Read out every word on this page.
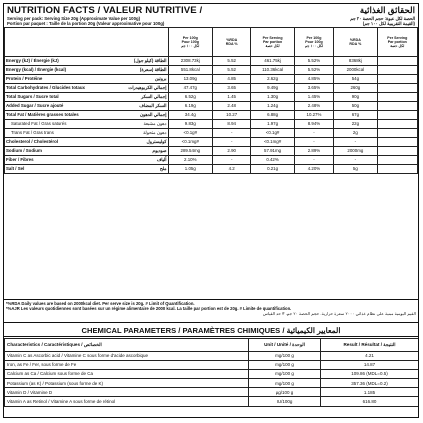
NUTRITION FACTS / VALEUR NUTRITIVE /	الحقائق الغذائية
Serving per pack: Serving Size 20g (Approximate Value per 100g)
Portion par paquet : Taille de la portion 20g (Valeur approximative pour 100g)
الحصة لكل عبوة: حجم الحصة ٢٠ جم
(القيمة التقريبية لكل ١٠٠ جم)
	Per 100g
Pour 100g
لكل ١٠٠ جم	%RDA
RDA %	Per Serving
Par portion
لكل حصة	Per 100g
Pour 100g
لكل ١٠٠ جم	%RDA
RDA %	Per Serving
Par portion
لكل حصة

Energy (kJ) / Énergie (kJ) الطاقة (كيلو جول)	2308.73kj	5.52	461.75kj	5.52%	8368kj	

Energy (kcal) / Énergie (kcal) الطاقة (سعرة)	551.8kcal	5.52	110.36kcal	5.52%	2000kcal	

Protein / Protéine بروتين	13.09g	4.85	2.62g	4.85%	54g	

Total Carbohydrates / Glucides totaux إجمالي الكربوهيدرات	47.47g	3.65	9.49g	3.65%	260g	

Total Sugars / Sucre total إجمالي السكر	6.52g	1.45	1.30g	1.45%	90g	

Added Sugar / Sucre ajouté السكر المضاف	6.19g	2.48	1.24g	2.48%	50g	

Total Fat / Matières grasses totales إجمالي الدهون	34.4g	10.27	6.88g	10.27%	67g	

Saturated Fat / Gras saturés دهون مشبعة	9.83g	8.94	1.97g	8.94%	22g	

Trans Fat / Gras trans دهون متحولة	<0.1g#	-	<0.1g#	-	2g	

Cholesterol / Cholestérol كوليسترول	<0.1mg#	-	<0.1mg#	-	-	

Sodium / Sodium صوديوم	289.54mg	2.90	57.91mg	2.89%	2000mg	

Fiber / Fibres ألياف	2.10%	-	0.42%	-	-	

Salt / Sel ملح	1.05g	4.2	0.21g	4.20%	5g	
*%RDA Daily values are based on 2000kcal diet. Per serve size is 20g. # Limit of Quantification.
*%AJR Les valeurs quotidiennes sont basées sur un régime alimentaire de 2000 kcal. La taille par portion est de 20g. # Limite de quantification.
القيم اليومية مبنية على نظام غذائي ٢٠٠٠ سعرة حرارية. حجم الحصة ٢٠ جم. # حد القياس
CHEMICAL PARAMETERS / PARAMÈTRES CHIMIQUES / المعايير الكيميائية
Characteristics / Caractéristiques / الخصائص	Unit / Unité / الوحدة	Result / Résultat / النتيجة
Vitamin C as Ascorbic acid / Vitamine C sous forme d'acide ascorbique	mg/100 g	4.21
Iron, as Fe / Fer, sous forme de Fe	mg/100 g	14.87
Calcium as Ca / Calcium sous forme de Ca	mg/100 g	109.86 (MDL=0.5)
Potassium (as K) / Potassium (sous forme de K)	mg/100 g	357.36 (MDL=0.2)
Vitamin D / Vitamine D	µg/100 g	1.185
Vitamin A as Retinol / Vitamine A sous forme de rétinol	IU/100g	616.80
